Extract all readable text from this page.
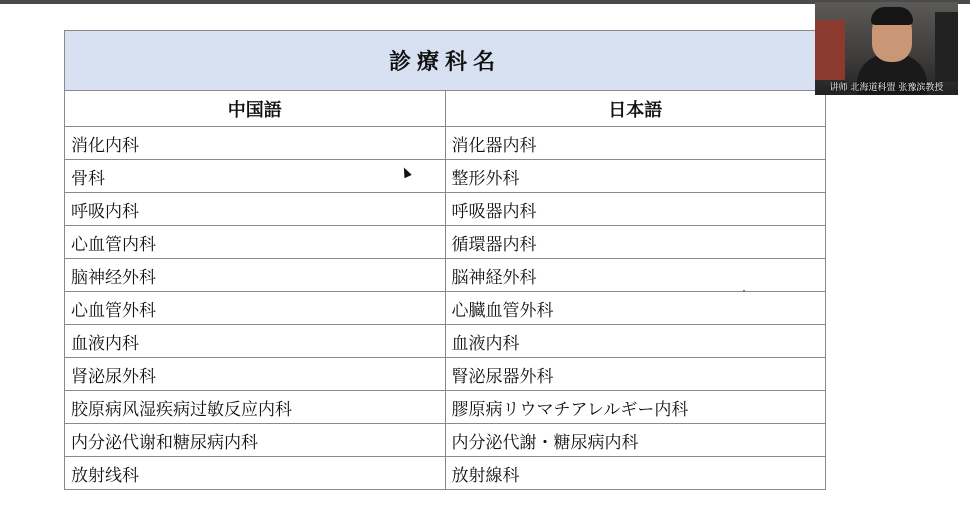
診療科名	
中国語	日本語
消化内科	消化器内科
骨科	整形外科
呼吸内科	呼吸器内科
心血管内科	循環器内科
脑神经外科	脳神経外科
心血管外科	心臓血管外科
血液内科	血液内科
肾泌尿外科	腎泌尿器外科
胶原病风湿疾病过敏反应内科	膠原病リウマチアレルギー内科
内分泌代谢和糖尿病内科	内分泌代謝・糖尿病内科
放射线科	放射線科
讲师 北海道科盟 张豫滨教授
